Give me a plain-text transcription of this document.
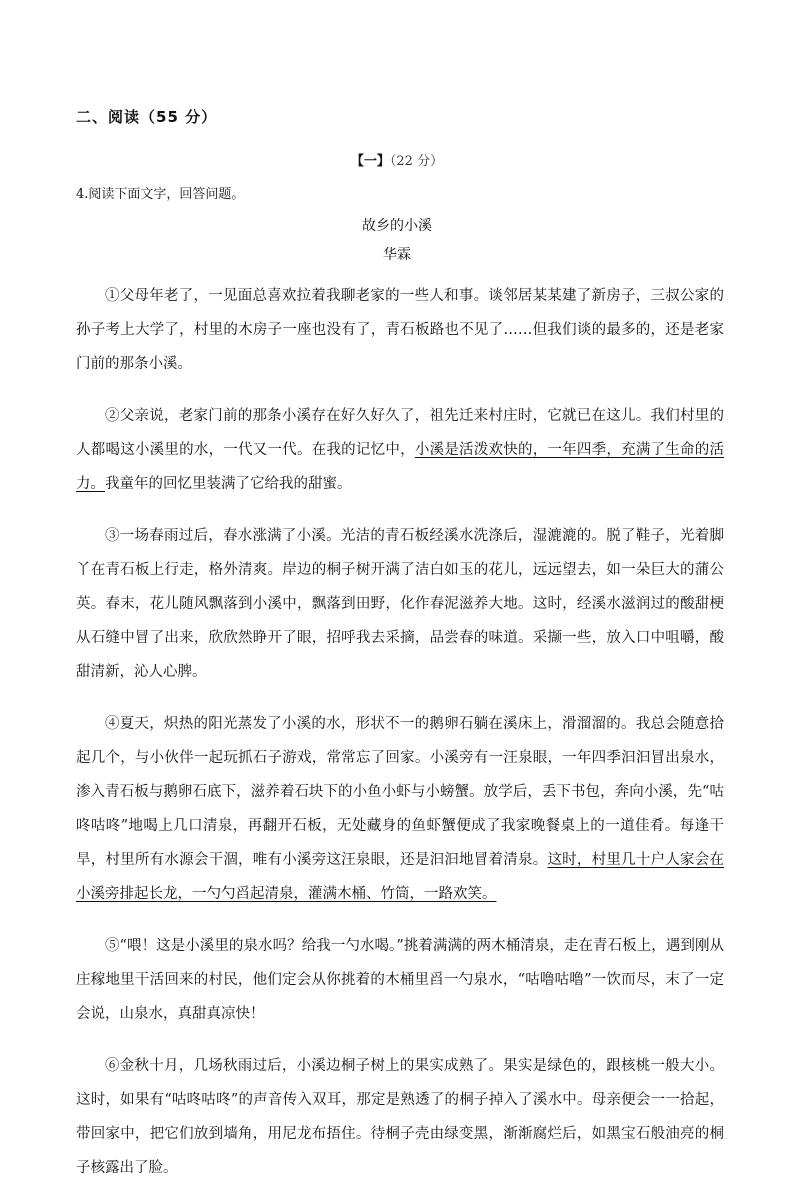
二、阅读（55 分）
【一】（22 分）
4.阅读下面文字，回答问题。
故乡的小溪
华霖

①父母年老了，一见面总喜欢拉着我聊老家的一些人和事。谈邻居某某建了新房子，三叔公家的孙子考上大学了，村里的木房子一座也没有了，青石板路也不见了……但我们谈的最多的，还是老家门前的那条小溪。

②父亲说，老家门前的那条小溪存在好久好久了，祖先迁来村庄时，它就已在这儿。我们村里的人都喝这小溪里的水，一代又一代。在我的记忆中，小溪是活泼欢快的，一年四季，充满了生命的活力。我童年的回忆里装满了它给我的甜蜜。

③一场春雨过后，春水涨满了小溪。光洁的青石板经溪水洗涤后，湿漉漉的。脱了鞋子，光着脚丫在青石板上行走，格外清爽。岸边的桐子树开满了洁白如玉的花儿，远远望去，如一朵巨大的蒲公英。春末，花儿随风飘落到小溪中，飘落到田野，化作春泥滋养大地。这时，经溪水滋润过的酸甜梗从石缝中冒了出来，欣欣然睁开了眼，招呼我去采摘，品尝春的味道。采撷一些，放入口中咀嚼，酸甜清新，沁人心脾。

④夏天，炽热的阳光蒸发了小溪的水，形状不一的鹅卵石躺在溪床上，滑溜溜的。我总会随意拾起几个，与小伙伴一起玩抓石子游戏，常常忘了回家。小溪旁有一汪泉眼，一年四季汩汩冒出泉水，渗入青石板与鹅卵石底下，滋养着石块下的小鱼小虾与小螃蟹。放学后，丢下书包，奔向小溪，先“咕咚咕咚”地喝上几口清泉，再翻开石板，无处藏身的鱼虾蟹便成了我家晚餐桌上的一道佳肴。每逢干旱，村里所有水源会干涸，唯有小溪旁这汪泉眼，还是汩汩地冒着清泉。这时，村里几十户人家会在小溪旁排起长龙，一勺勺舀起清泉，灌满木桶、竹筒，一路欢笑。

⑤“喂！这是小溪里的泉水吗？给我一勺水喝。”挑着满满的两木桶清泉，走在青石板上，遇到刚从庄稼地里干活回来的村民，他们定会从你挑着的木桶里舀一勺泉水，“咕噜咕噜”一饮而尽，末了一定会说，山泉水，真甜真凉快！

⑥金秋十月，几场秋雨过后，小溪边桐子树上的果实成熟了。果实是绿色的，跟核桃一般大小。这时，如果有“咕咚咕咚”的声音传入双耳，那定是熟透了的桐子掉入了溪水中。母亲便会一一拾起，带回家中，把它们放到墙角，用尼龙布捂住。待桐子壳由绿变黑，渐渐腐烂后，如黑宝石般油亮的桐子核露出了脸。
